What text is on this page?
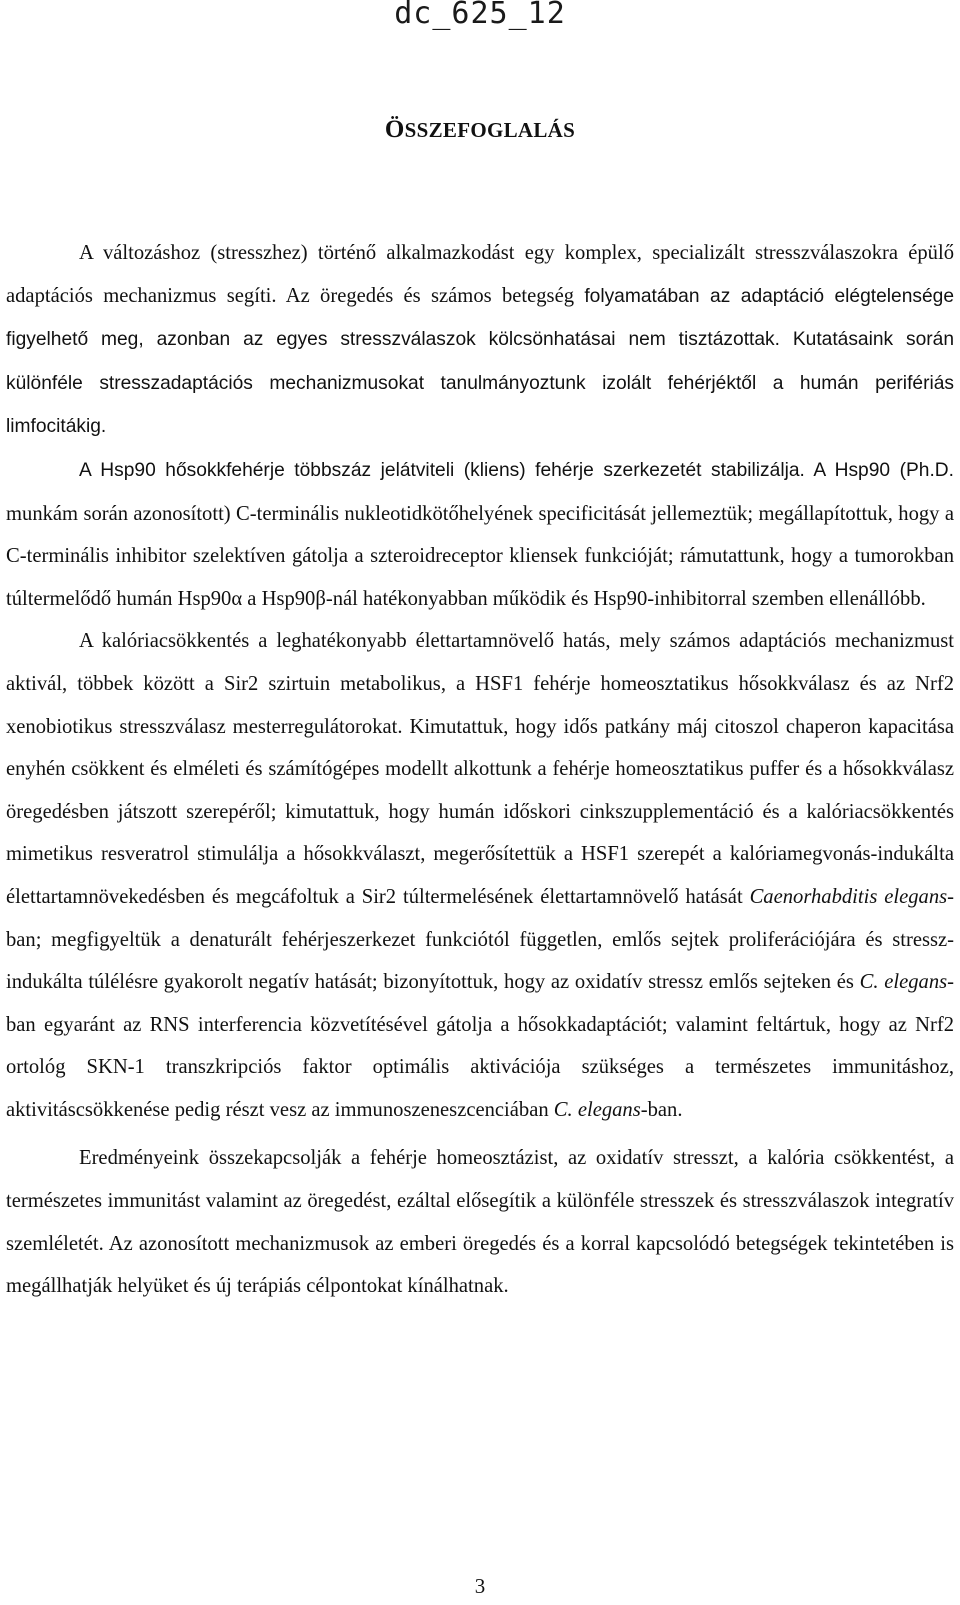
dc_625_12
ÖSSZEFOGLALÁS

A változáshoz (stresszhez) történő alkalmazkodást egy komplex, specializált stresszválaszokra épülő adaptációs mechanizmus segíti. Az öregedés és számos betegség folyamatában az adaptáció elégtelensége figyelhető meg, azonban az egyes stresszválaszok kölcsönhatásai nem tisztázottak. Kutatásaink során különféle stresszadaptációs mechanizmusokat tanulmányoztunk izolált fehérjéktől a humán perifériás limfocitákig.

A Hsp90 hősokkfehérje többszáz jelátviteli (kliens) fehérje szerkezetét stabilizálja. A Hsp90 (Ph.D. munkám során azonosított) C-terminális nukleotidkötőhelyének specificitását jellemeztük; megállapítottuk, hogy a C-terminális inhibitor szelektíven gátolja a szteroidreceptor kliensek funkcióját; rámutattunk, hogy a tumorokban túltermelődő humán Hsp90α a Hsp90β-nál hatékonyabban működik és Hsp90-inhibitorral szemben ellenállóbb.

A kalóriacsökkentés a leghatékonyabb élettartamnövelő hatás, mely számos adaptációs mechanizmust aktivál, többek között a Sir2 szirtuin metabolikus, a HSF1 fehérje homeosztatikus hősokkválasz és az Nrf2 xenobiotikus stresszválasz mesterregulátorokat. Kimutattuk, hogy idős patkány máj citoszol chaperon kapacitása enyhén csökkent és elméleti és számítógépes modellt alkottunk a fehérje homeosztatikus puffer és a hősokkválasz öregedésben játszott szerepéről; kimutattuk, hogy humán időskori cinkszupplementáció és a kalóriacsökkentés mimetikus resveratrol stimulálja a hősokkválaszt, megerősítettük a HSF1 szerepét a kalóriamegvonás-indukálta élettartamnövekedésben és megcáfoltuk a Sir2 túltermelésének élettartamnövelő hatását Caenorhabditis elegans-ban; megfigyeltük a denaturált fehérjeszerkezet funkciótól független, emlős sejtek proliferációjára és stressz-indukálta túlélésre gyakorolt negatív hatását; bizonyítottuk, hogy az oxidatív stressz emlős sejteken és C. elegans-ban egyaránt az RNS interferencia közvetítésével gátolja a hősokkadaptációt; valamint feltártuk, hogy az Nrf2 ortológ SKN-1 transzkripciós faktor optimális aktivációja szükséges a természetes immunitáshoz, aktivitáscsökkenése pedig részt vesz az immunoszeneszcenciában C. elegans-ban.

Eredményeink összekapcsolják a fehérje homeosztázist, az oxidatív stresszt, a kalória csökkentést, a természetes immunitást valamint az öregedést, ezáltal elősegítik a különféle stresszek és stresszválaszok integratív szemléletét. Az azonosított mechanizmusok az emberi öregedés és a korral kapcsolódó betegségek tekintetében is megállhatják helyüket és új terápiás célpontokat kínálhatnak.

3
